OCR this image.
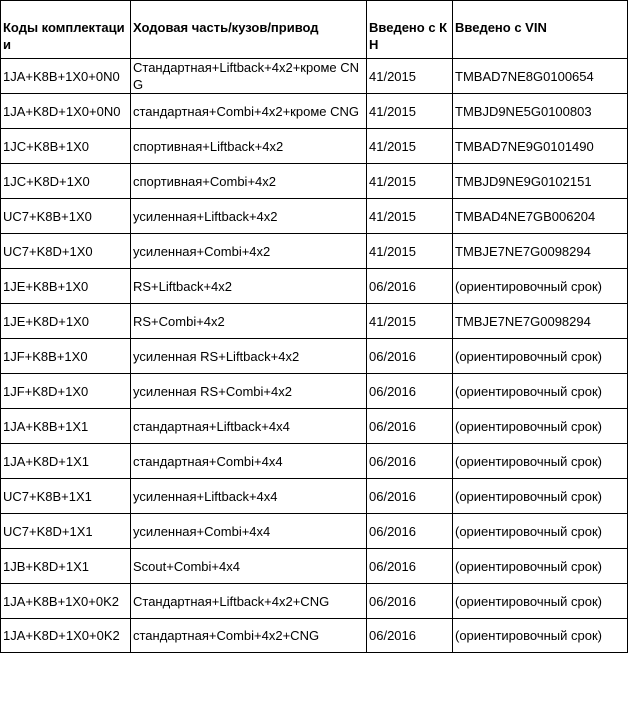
Коды комплектации	Ходовая часть/кузов/привод	Введено с КН	Введено с VIN
1JA+K8B+1X0+0N0	Стандартная+Liftback+4x2+кроме CNG	41/2015	TMBAD7NE8G0100654
1JA+K8D+1X0+0N0	стандартная+Combi+4x2+кроме CNG	41/2015	TMBJD9NE5G0100803
1JC+K8B+1X0	спортивная+Liftback+4x2	41/2015	TMBAD7NE9G0101490
1JC+K8D+1X0	спортивная+Combi+4x2	41/2015	TMBJD9NE9G0102151
UC7+K8B+1X0	усиленная+Liftback+4x2	41/2015	TMBAD4NE7GB006204
UC7+K8D+1X0	усиленная+Combi+4x2	41/2015	TMBJE7NE7G0098294
1JE+K8B+1X0	RS+Liftback+4x2	06/2016	(ориентировочный срок)
1JE+K8D+1X0	RS+Combi+4x2	41/2015	TMBJE7NE7G0098294
1JF+K8B+1X0	усиленная RS+Liftback+4x2	06/2016	(ориентировочный срок)
1JF+K8D+1X0	усиленная RS+Combi+4x2	06/2016	(ориентировочный срок)
1JA+K8B+1X1	стандартная+Liftback+4x4	06/2016	(ориентировочный срок)
1JA+K8D+1X1	стандартная+Combi+4x4	06/2016	(ориентировочный срок)
UC7+K8B+1X1	усиленная+Liftback+4x4	06/2016	(ориентировочный срок)
UC7+K8D+1X1	усиленная+Combi+4x4	06/2016	(ориентировочный срок)
1JB+K8D+1X1	Scout+Combi+4x4	06/2016	(ориентировочный срок)
1JA+K8B+1X0+0K2	Стандартная+Liftback+4x2+CNG	06/2016	(ориентировочный срок)
1JA+K8D+1X0+0K2	стандартная+Combi+4x2+CNG	06/2016	(ориентировочный срок)
